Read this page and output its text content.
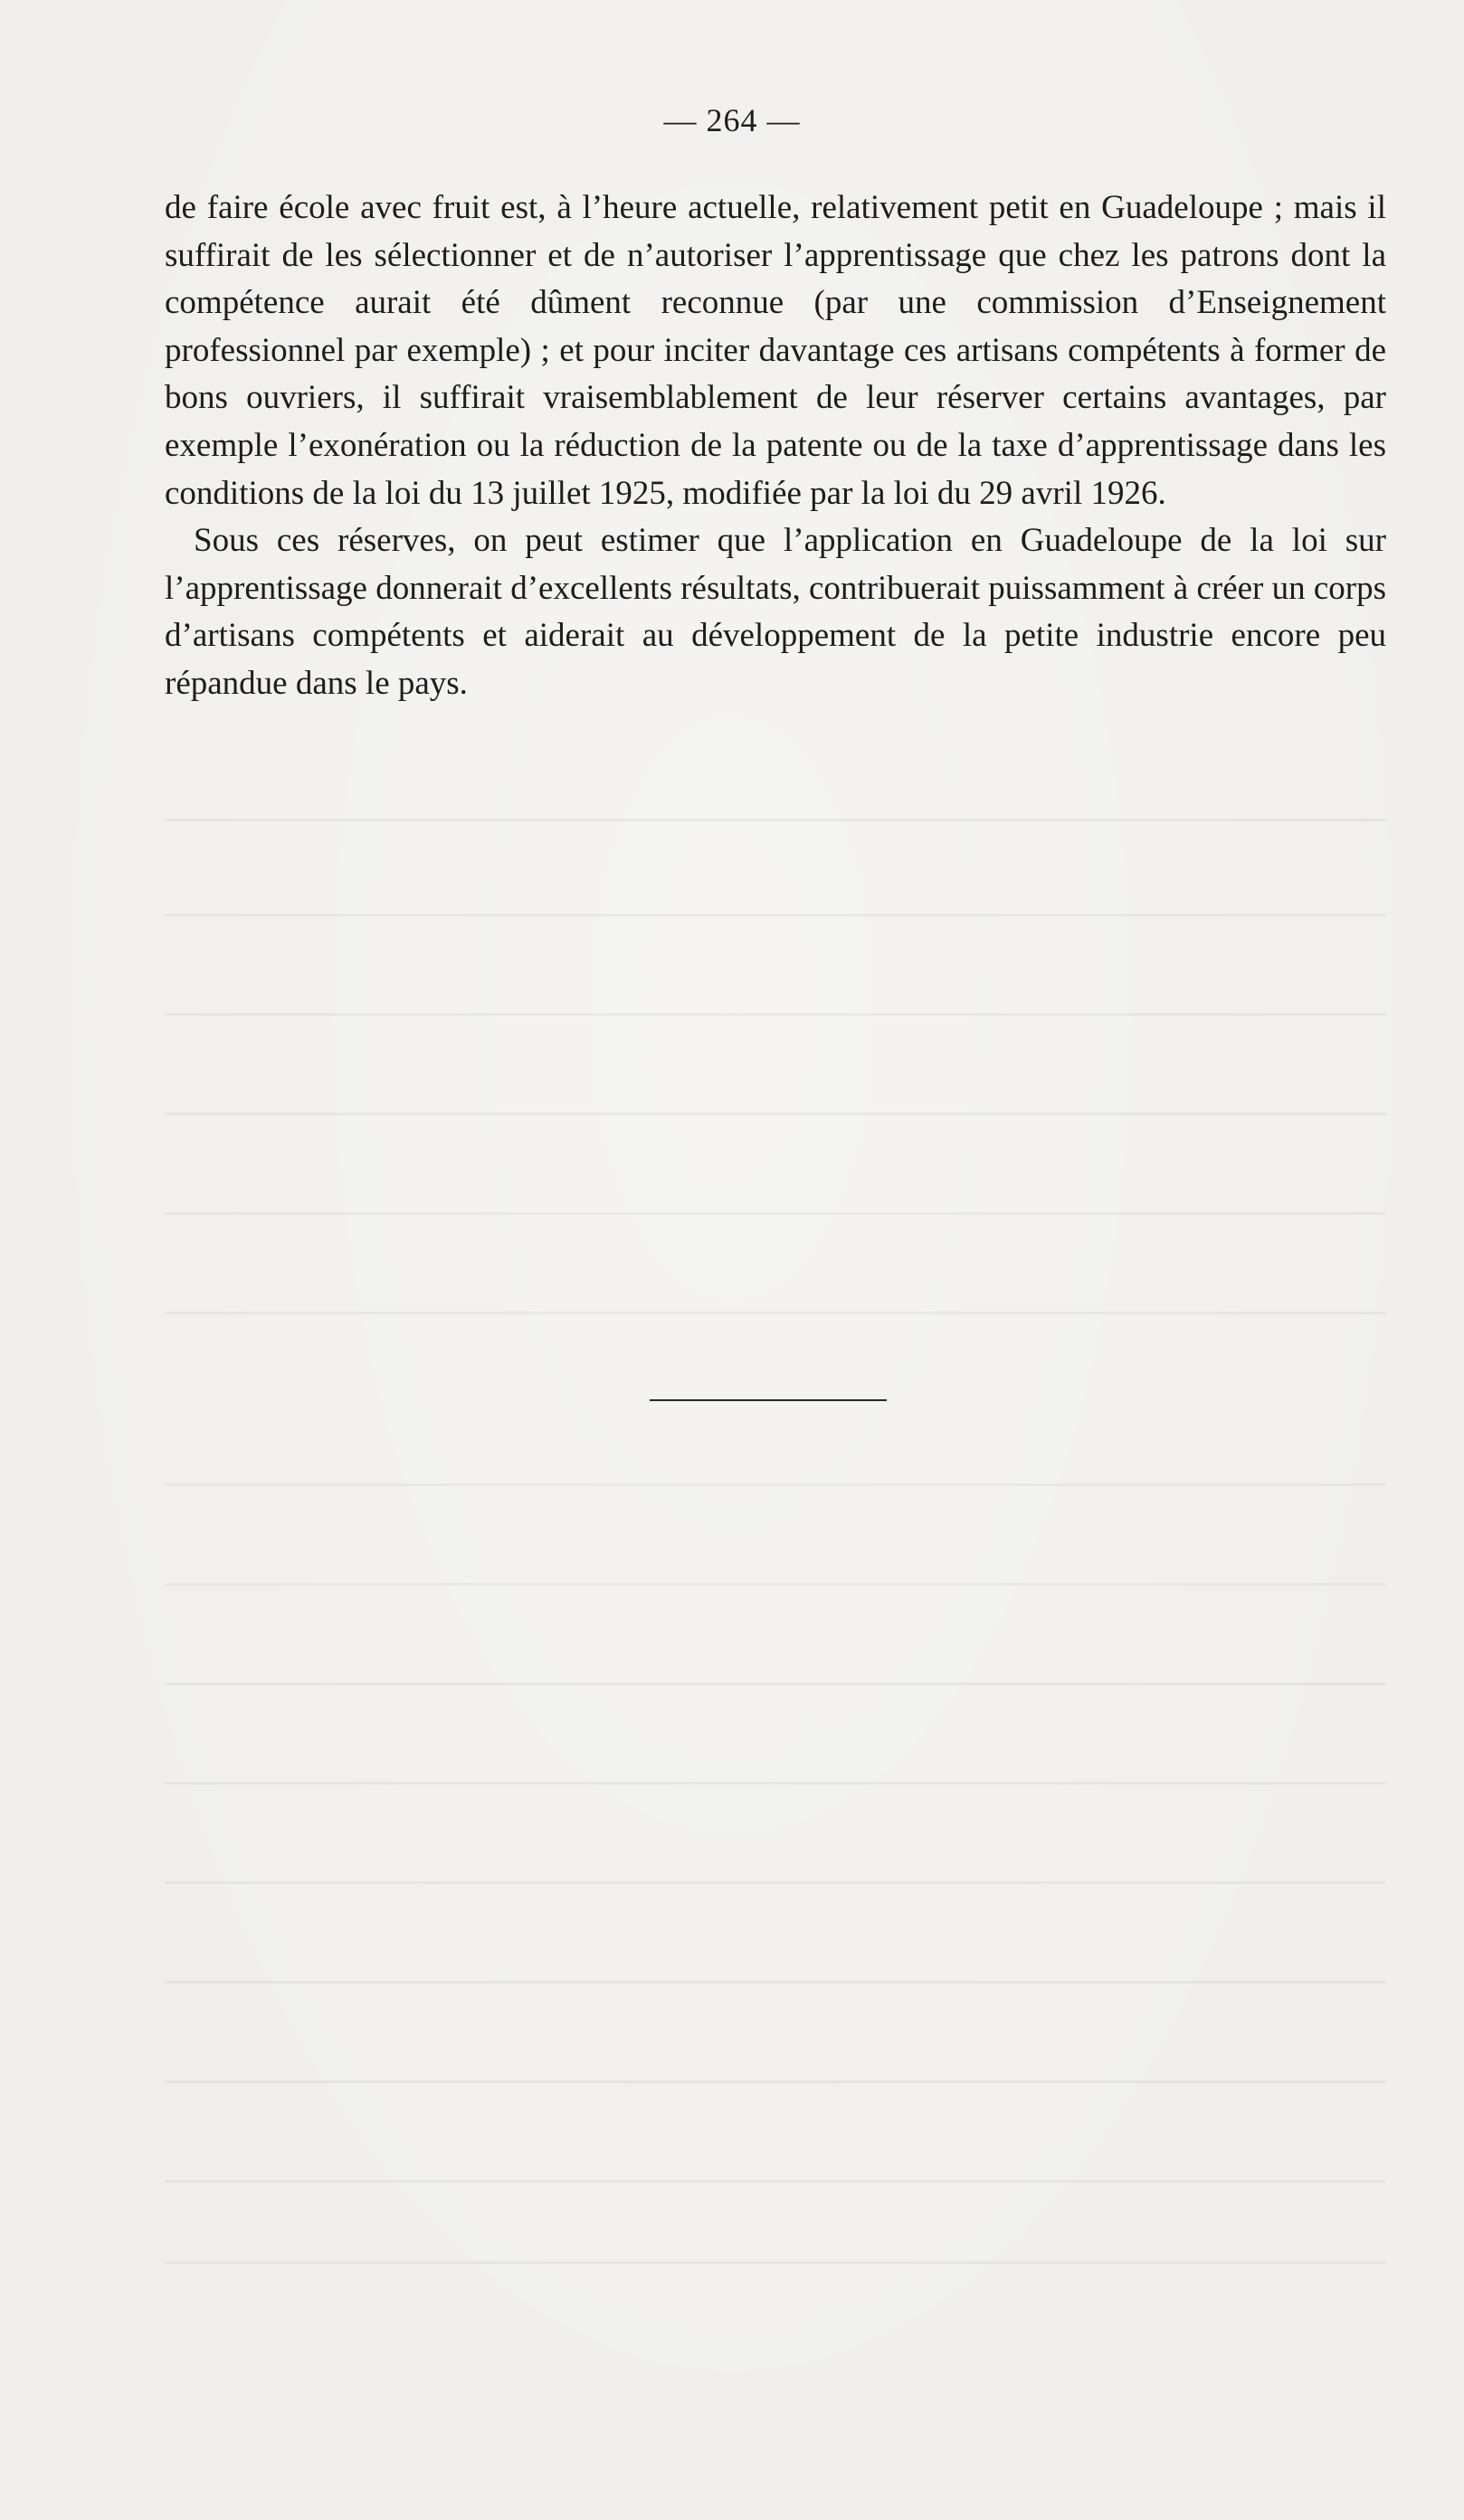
— 264 —

de faire école avec fruit est, à l’heure actuelle, relativement petit en Guadeloupe ; mais il suffirait de les sélectionner et de n’autoriser l’apprentissage que chez les patrons dont la compétence aurait été dûment reconnue (par une commission d’Enseignement professionnel par exemple) ; et pour inciter davantage ces artisans compétents à former de bons ouvriers, il suffirait vraisemblablement de leur réserver certains avantages, par exemple l’exonération ou la réduction de la patente ou de la taxe d’apprentissage dans les conditions de la loi du 13 juillet 1925, modifiée par la loi du 29 avril 1926.

Sous ces réserves, on peut estimer que l’application en Guadeloupe de la loi sur l’apprentissage donnerait d’excellents résultats, contribuerait puissamment à créer un corps d’artisans compétents et aiderait au développement de la petite industrie encore peu répandue dans le pays.
